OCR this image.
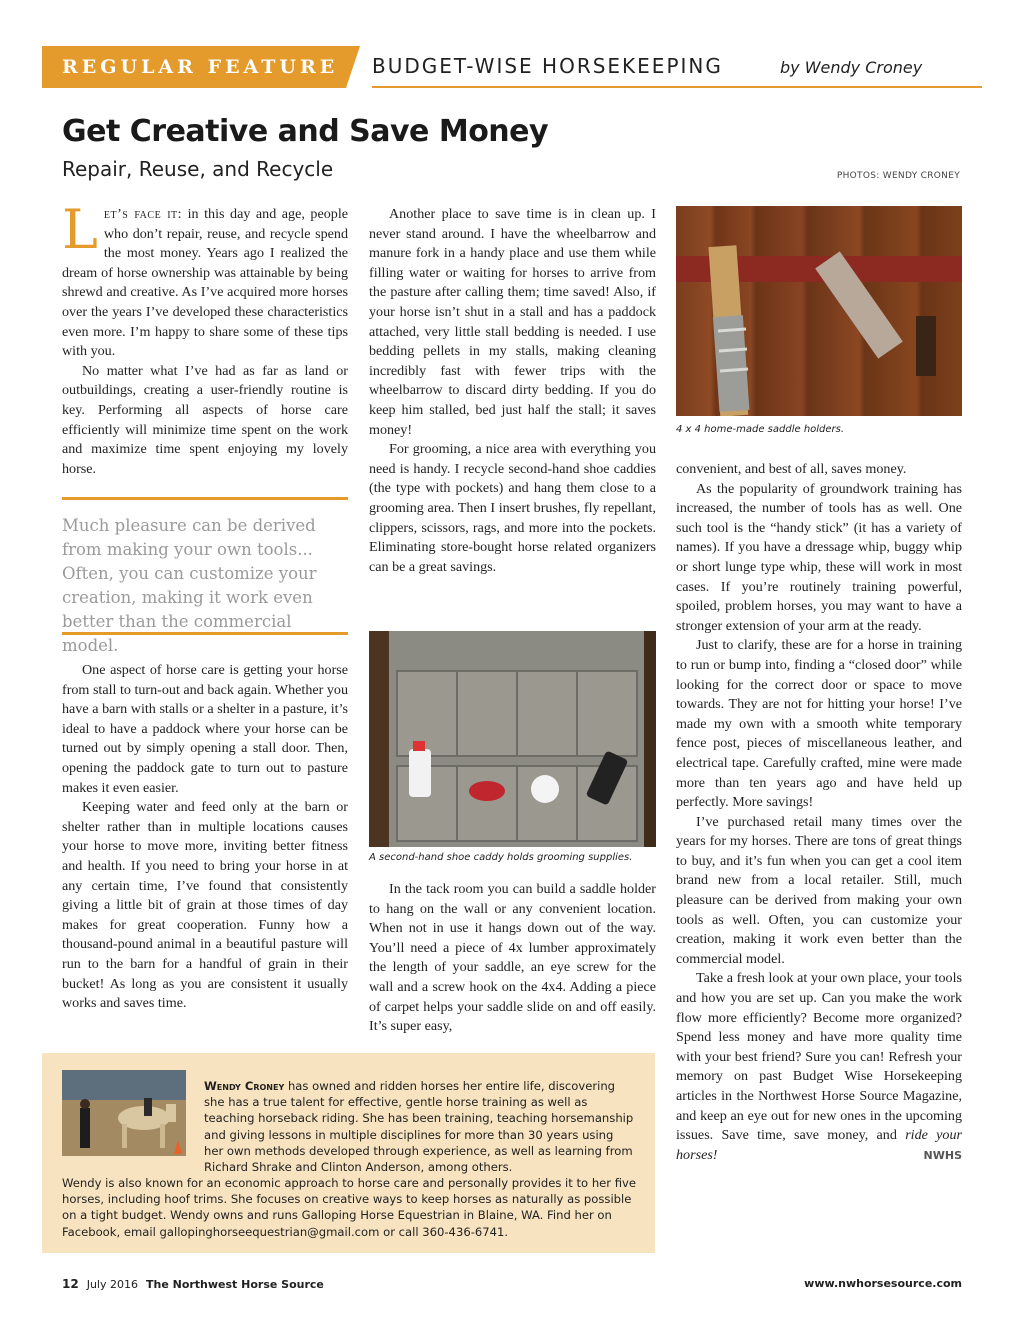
REGULAR FEATURE BUDGET-WISE HORSEKEEPING	by Wendy Croney
Get Creative and Save Money
Repair, Reuse, and Recycle	PHOTOS: WENDY CRONEY

Let’s face it: in this day and age, people who don’t repair, reuse, and recycle spend the most money. Years ago I realized the dream of horse ownership was attainable by being shrewd and creative. As I’ve acquired more horses over the years I’ve developed these characteristics even more. I’m happy to share some of these tips with you.

No matter what I’ve had as far as land or outbuildings, creating a user-friendly routine is key. Performing all aspects of horse care efficiently will minimize time spent on the work and maximize time spent enjoying my lovely horse.

Much pleasure can be derived from making your own tools... Often, you can customize your creation, making it work even better than the commercial model.

One aspect of horse care is getting your horse from stall to turn-out and back again. Whether you have a barn with stalls or a shelter in a pasture, it’s ideal to have a paddock where your horse can be turned out by simply opening a stall door. Then, opening the paddock gate to turn out to pasture makes it even easier.

Keeping water and feed only at the barn or shelter rather than in multiple locations causes your horse to move more, inviting better fitness and health. If you need to bring your horse in at any certain time, I’ve found that consistently giving a little bit of grain at those times of day makes for great cooperation. Funny how a thousand-pound animal in a beautiful pasture will run to the barn for a handful of grain in their bucket! As long as you are consistent it usually works and saves time.

Another place to save time is in clean up. I never stand around. I have the wheelbarrow and manure fork in a handy place and use them while filling water or waiting for horses to arrive from the pasture after calling them; time saved! Also, if your horse isn’t shut in a stall and has a paddock attached, very little stall bedding is needed. I use bedding pellets in my stalls, making cleaning incredibly fast with fewer trips with the wheelbarrow to discard dirty bedding. If you do keep him stalled, bed just half the stall; it saves money!

For grooming, a nice area with everything you need is handy. I recycle second-hand shoe caddies (the type with pockets) and hang them close to a grooming area. Then I insert brushes, fly repellant, clippers, scissors, rags, and more into the pockets. Eliminating store-bought horse related organizers can be a great savings.

A second-hand shoe caddy holds grooming supplies.

In the tack room you can build a saddle holder to hang on the wall or any convenient location. When not in use it hangs down out of the way. You’ll need a piece of 4x lumber approximately the length of your saddle, an eye screw for the wall and a screw hook on the 4x4. Adding a piece of carpet helps your saddle slide on and off easily. It’s super easy,

4 x 4 home-made saddle holders.

convenient, and best of all, saves money.

As the popularity of groundwork training has increased, the number of tools has as well. One such tool is the “handy stick” (it has a variety of names). If you have a dressage whip, buggy whip or short lunge type whip, these will work in most cases. If you’re routinely training powerful, spoiled, problem horses, you may want to have a stronger extension of your arm at the ready.

Just to clarify, these are for a horse in training to run or bump into, finding a “closed door” while looking for the correct door or space to move towards. They are not for hitting your horse! I’ve made my own with a smooth white temporary fence post, pieces of miscellaneous leather, and electrical tape. Carefully crafted, mine were made more than ten years ago and have held up perfectly. More savings!

I’ve purchased retail many times over the years for my horses. There are tons of great things to buy, and it’s fun when you can get a cool item brand new from a local retailer. Still, much pleasure can be derived from making your own tools as well. Often, you can customize your creation, making it work even better than the commercial model.

Take a fresh look at your own place, your tools and how you are set up. Can you make the work flow more efficiently? Become more organized? Spend less money and have more quality time with your best friend? Sure you can! Refresh your memory on past Budget Wise Horsekeeping articles in the Northwest Horse Source Magazine, and keep an eye out for new ones in the upcoming issues. Save time, save money, and ride your horses!	NWHS

Wendy Croney has owned and ridden horses her entire life, discovering she has a true talent for effective, gentle horse training as well as teaching horseback riding. She has been training, teaching horsemanship and giving lessons in multiple disciplines for more than 30 years using her own methods developed through experience, as well as learning from Richard Shrake and Clinton Anderson, among others.

Wendy is also known for an economic approach to horse care and personally provides it to her five horses, including hoof trims. She focuses on creative ways to keep horses as naturally as possible on a tight budget. Wendy owns and runs Galloping Horse Equestrian in Blaine, WA. Find her on Facebook, email gallopinghorseequestrian@gmail.com or call 360-436-6741.

12 July 2016 The Northwest Horse Source	www.nwhorsesource.com
